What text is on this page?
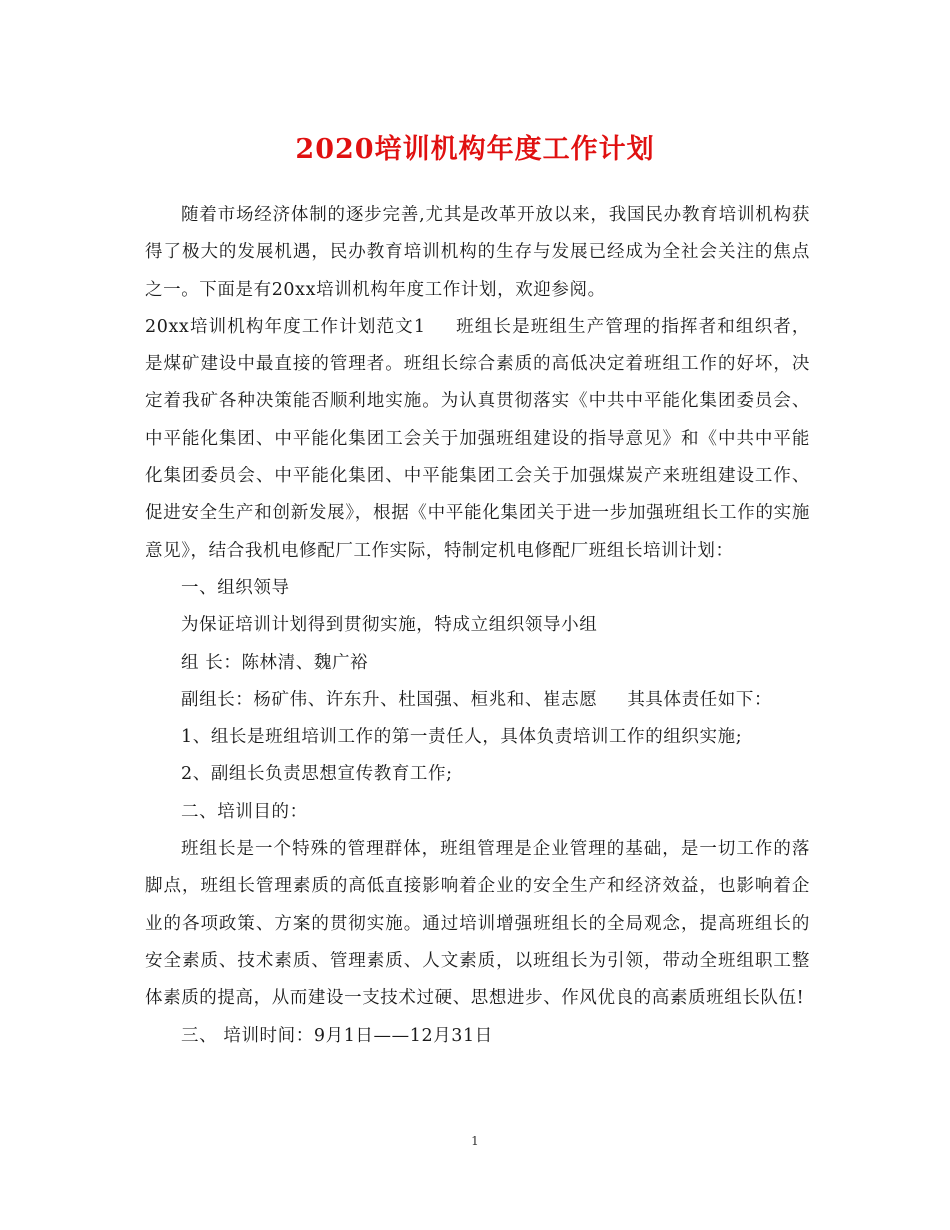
2020培训机构年度工作计划

随着市场经济体制的逐步完善,尤其是改革开放以来，我国民办教育培训机构获得了极大的发展机遇，民办教育培训机构的生存与发展已经成为全社会关注的焦点之一。下面是有20xx培训机构年度工作计划，欢迎参阅。

20xx培训机构年度工作计划范文1 班组长是班组生产管理的指挥者和组织者，是煤矿建设中最直接的管理者。班组长综合素质的高低决定着班组工作的好坏，决定着我矿各种决策能否顺利地实施。为认真贯彻落实《中共中平能化集团委员会、中平能化集团、中平能化集团工会关于加强班组建设的指导意见》和《中共中平能化集团委员会、中平能化集团、中平能集团工会关于加强煤炭产来班组建设工作、促进安全生产和创新发展》，根据《中平能化集团关于进一步加强班组长工作的实施意见》，结合我机电修配厂工作实际，特制定机电修配厂班组长培训计划：

一、组织领导

为保证培训计划得到贯彻实施，特成立组织领导小组

组 长：陈林清、魏广裕

副组长：杨矿伟、许东升、杜国强、桓兆和、崔志愿 其具体责任如下：

1、组长是班组培训工作的第一责任人，具体负责培训工作的组织实施;

2、副组长负责思想宣传教育工作;

二、培训目的：

班组长是一个特殊的管理群体，班组管理是企业管理的基础，是一切工作的落脚点，班组长管理素质的高低直接影响着企业的安全生产和经济效益，也影响着企业的各项政策、方案的贯彻实施。通过培训增强班组长的全局观念，提高班组长的安全素质、技术素质、管理素质、人文素质，以班组长为引领，带动全班组职工整体素质的提高，从而建设一支技术过硬、思想进步、作风优良的高素质班组长队伍!

三、 培训时间：9月1日——12月31日

1
